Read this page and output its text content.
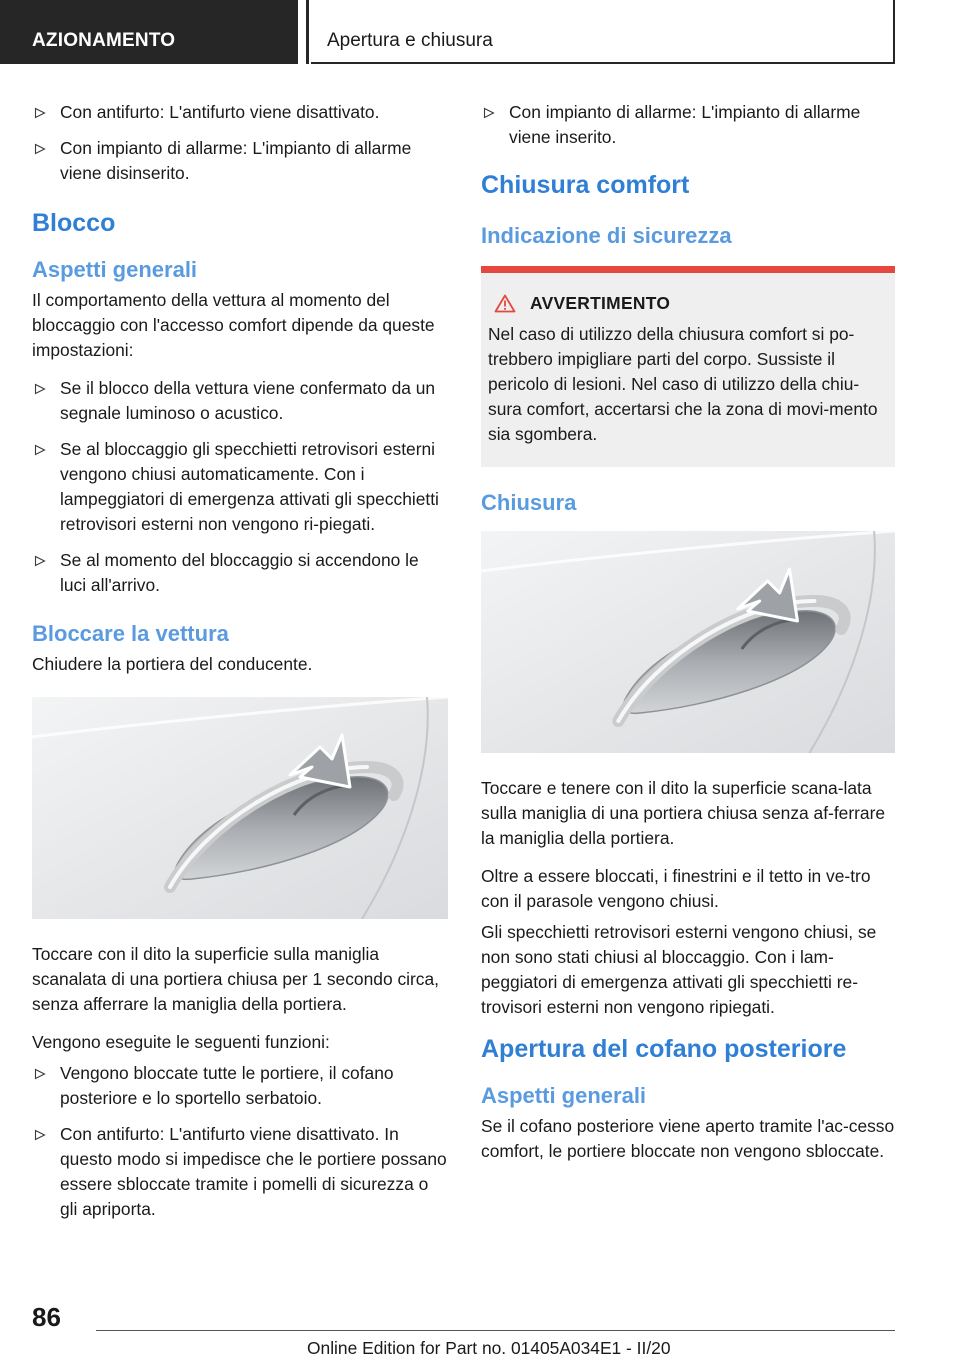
AZIONAMENTO	Apertura e chiusura
Con antifurto: L'antifurto viene disattivato.
Con impianto di allarme: L'impianto di allarme viene disinserito.
Blocco
Aspetti generali

Il comportamento della vettura al momento del bloccaggio con l'accesso comfort dipende da queste impostazioni:

Se il blocco della vettura viene confermato da un segnale luminoso o acustico.
Se al bloccaggio gli specchietti retrovisori esterni vengono chiusi automaticamente. Con i lampeggiatori di emergenza attivati gli specchietti retrovisori esterni non vengono ri‐piegati.
Se al momento del bloccaggio si accendono le luci all'arrivo.
Bloccare la vettura

Chiudere la portiera del conducente.

Toccare con il dito la superficie sulla maniglia scanalata di una portiera chiusa per 1 secondo circa, senza afferrare la maniglia della portiera.

Vengono eseguite le seguenti funzioni:

Vengono bloccate tutte le portiere, il cofano posteriore e lo sportello serbatoio.
Con antifurto: L'antifurto viene disattivato. In questo modo si impedisce che le portiere possano essere sbloccate tramite i pomelli di sicurezza o gli apriporta.
Con impianto di allarme: L'impianto di allarme viene inserito.
Chiusura comfort
Indicazione di sicurezza
AVVERTIMENTO

Nel caso di utilizzo della chiusura comfort si po‐trebbero impigliare parti del corpo. Sussiste il pericolo di lesioni. Nel caso di utilizzo della chiu‐sura comfort, accertarsi che la zona di movi‐mento sia sgombera.

Chiusura

Toccare e tenere con il dito la superficie scana‐lata sulla maniglia di una portiera chiusa senza af‐ferrare la maniglia della portiera.

Oltre a essere bloccati, i finestrini e il tetto in ve‐tro con il parasole vengono chiusi.

Gli specchietti retrovisori esterni vengono chiusi, se non sono stati chiusi al bloccaggio. Con i lam‐peggiatori di emergenza attivati gli specchietti re‐trovisori esterni non vengono ripiegati.

Apertura del cofano posteriore
Aspetti generali

Se il cofano posteriore viene aperto tramite l'ac‐cesso comfort, le portiere bloccate non vengono sbloccate.

86
Online Edition for Part no. 01405A034E1 - II/20
